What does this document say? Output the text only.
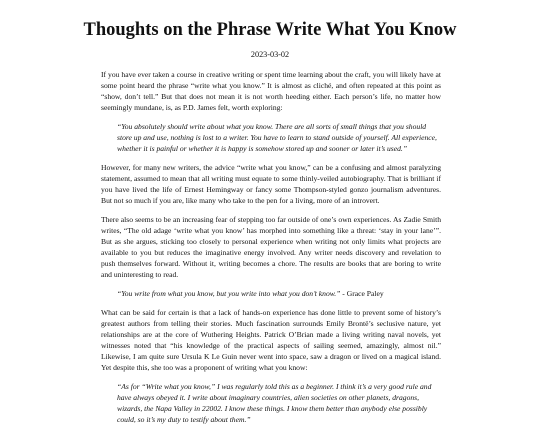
Thoughts on the Phrase Write What You Know
2023-03-02

If you have ever taken a course in creative writing or spent time learning about the craft, you will likely have at some point heard the phrase “write what you know.” It is almost as cliché, and often repeated at this point as “show, don’t tell.” But that does not mean it is not worth heeding either. Each person’s life, no matter how seemingly mundane, is, as P.D. James felt, worth exploring:

“You absolutely should write about what you know. There are all sorts of small things that you should store up and use, nothing is lost to a writer. You have to learn to stand outside of yourself. All experience, whether it is painful or whether it is happy is somehow stored up and sooner or later it’s used.”

However, for many new writers, the advice “write what you know,” can be a confusing and almost paralyzing statement, assumed to mean that all writing must equate to some thinly-veiled autobiography. That is brilliant if you have lived the life of Ernest Hemingway or fancy some Thompson-styled gonzo journalism adventures. But not so much if you are, like many who take to the pen for a living, more of an introvert.

There also seems to be an increasing fear of stepping too far outside of one’s own experiences. As Zadie Smith writes, “The old adage ‘write what you know’ has morphed into something like a threat: ‘stay in your lane’”. But as she argues, sticking too closely to personal experience when writing not only limits what projects are available to you but reduces the imaginative energy involved. Any writer needs discovery and revelation to push themselves forward. Without it, writing becomes a chore. The results are books that are boring to write and uninteresting to read.

“You write from what you know, but you write into what you don’t know.” - Grace Paley

What can be said for certain is that a lack of hands-on experience has done little to prevent some of history’s greatest authors from telling their stories. Much fascination surrounds Emily Brontë’s seclusive nature, yet relationships are at the core of Wuthering Heights. Patrick O’Brian made a living writing naval novels, yet witnesses noted that “his knowledge of the practical aspects of sailing seemed, amazingly, almost nil.” Likewise, I am quite sure Ursula K Le Guin never went into space, saw a dragon or lived on a magical island. Yet despite this, she too was a proponent of writing what you know:

“As for “Write what you know,” I was regularly told this as a beginner. I think it’s a very good rule and have always obeyed it. I write about imaginary countries, alien societies on other planets, dragons, wizards, the Napa Valley in 22002. I know these things. I know them better than anybody else possibly could, so it’s my duty to testify about them.”
